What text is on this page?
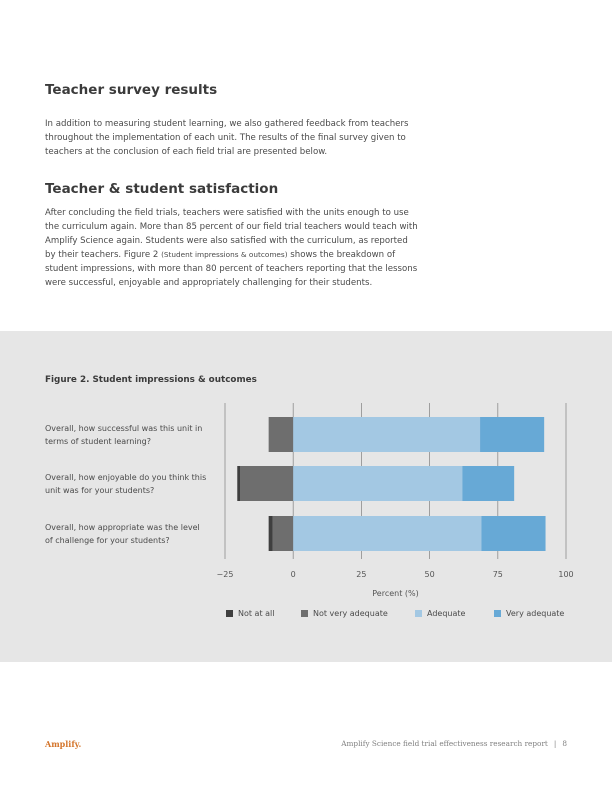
Teacher survey results

In addition to measuring student learning, we also gathered feedback from teachers
throughout the implementation of each unit. The results of the final survey given to
teachers at the conclusion of each field trial are presented below.

Teacher & student satisfaction

After concluding the field trials, teachers were satisfied with the units enough to use
the curriculum again. More than 85 percent of our field trial teachers would teach with
Amplify Science again. Students were also satisfied with the curriculum, as reported
by their teachers. Figure 2 (Student impressions & outcomes) shows the breakdown of
student impressions, with more than 80 percent of teachers reporting that the lessons
were successful, enjoyable and appropriately challenging for their students.

Figure 2. Student impressions & outcomes
Overall, how successful was this unit in
terms of student learning?
Overall, how enjoyable do you think this
unit was for your students?
Overall, how appropriate was the level
of challenge for your students?
−25	0	25	50	75	100
Percent (%)
Not at all	Not very adequate	Adequate	Very adequate
Amplify.	Amplify Science field trial effectiveness research report | 8
